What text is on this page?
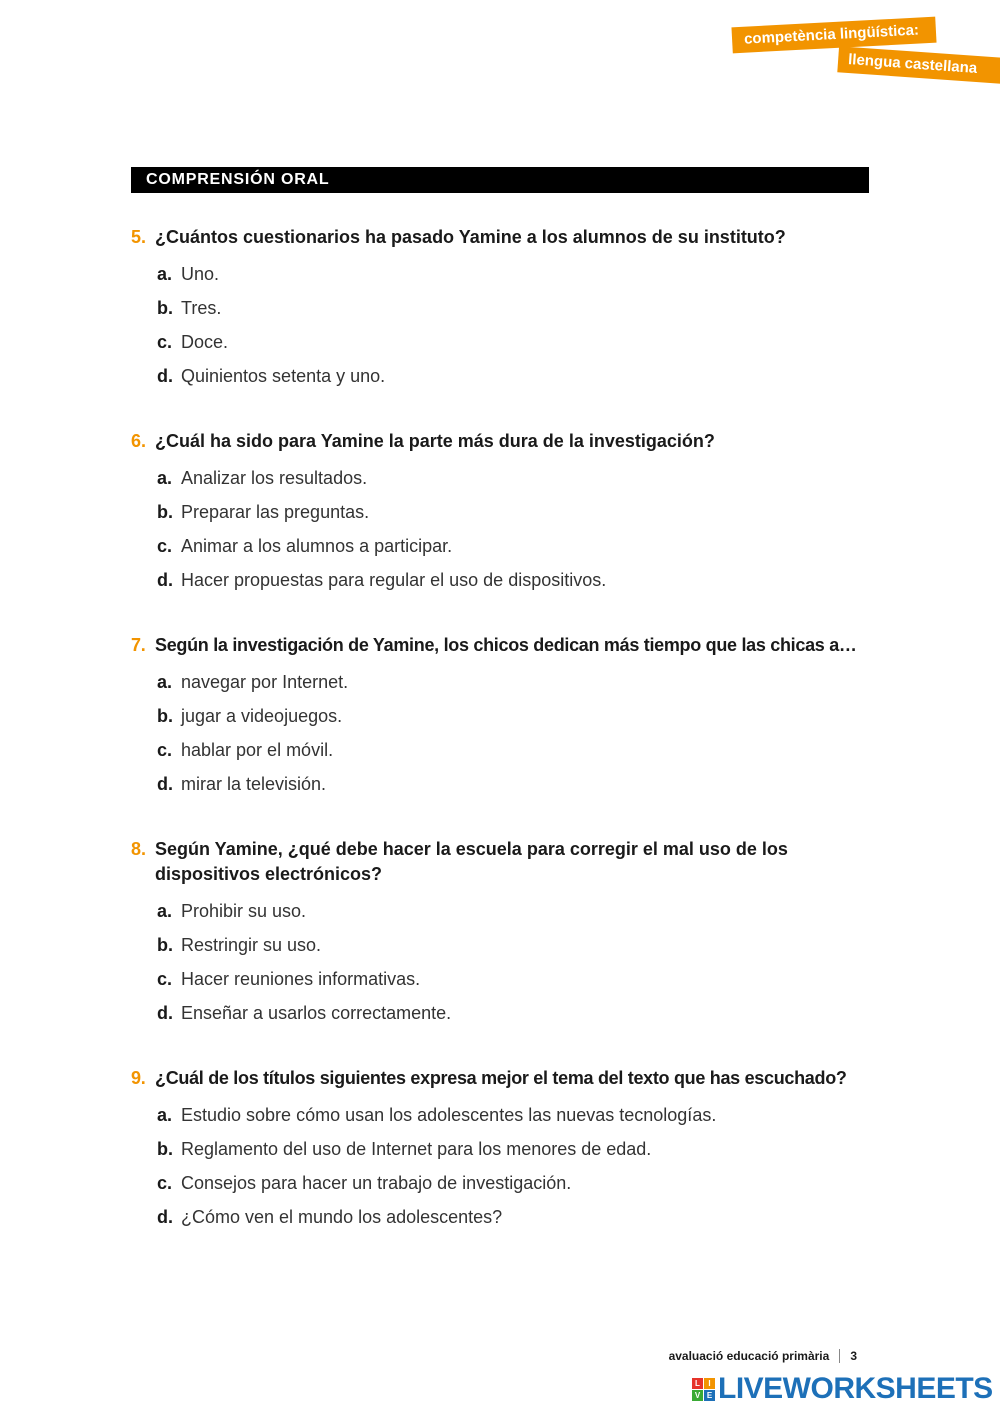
competència lingüística:
llengua castellana
COMPRENSIÓN ORAL
5. ¿Cuántos cuestionarios ha pasado Yamine a los alumnos de su instituto?
a. Uno.
b. Tres.
c. Doce.
d. Quinientos setenta y uno.
6. ¿Cuál ha sido para Yamine la parte más dura de la investigación?
a. Analizar los resultados.
b. Preparar las preguntas.
c. Animar a los alumnos a participar.
d. Hacer propuestas para regular el uso de dispositivos.
7. Según la investigación de Yamine, los chicos dedican más tiempo que las chicas a…
a. navegar por Internet.
b. jugar a videojuegos.
c. hablar por el móvil.
d. mirar la televisión.
8. Según Yamine, ¿qué debe hacer la escuela para corregir el mal uso de los dispositivos electrónicos?
a. Prohibir su uso.
b. Restringir su uso.
c. Hacer reuniones informativas.
d. Enseñar a usarlos correctamente.
9. ¿Cuál de los títulos siguientes expresa mejor el tema del texto que has escuchado?
a. Estudio sobre cómo usan los adolescentes las nuevas tecnologías.
b. Reglamento del uso de Internet para los menores de edad.
c. Consejos para hacer un trabajo de investigación.
d. ¿Cómo ven el mundo los adolescentes?
avaluació educació primària 3
L	I
V E LIVEWORKSHEETS
